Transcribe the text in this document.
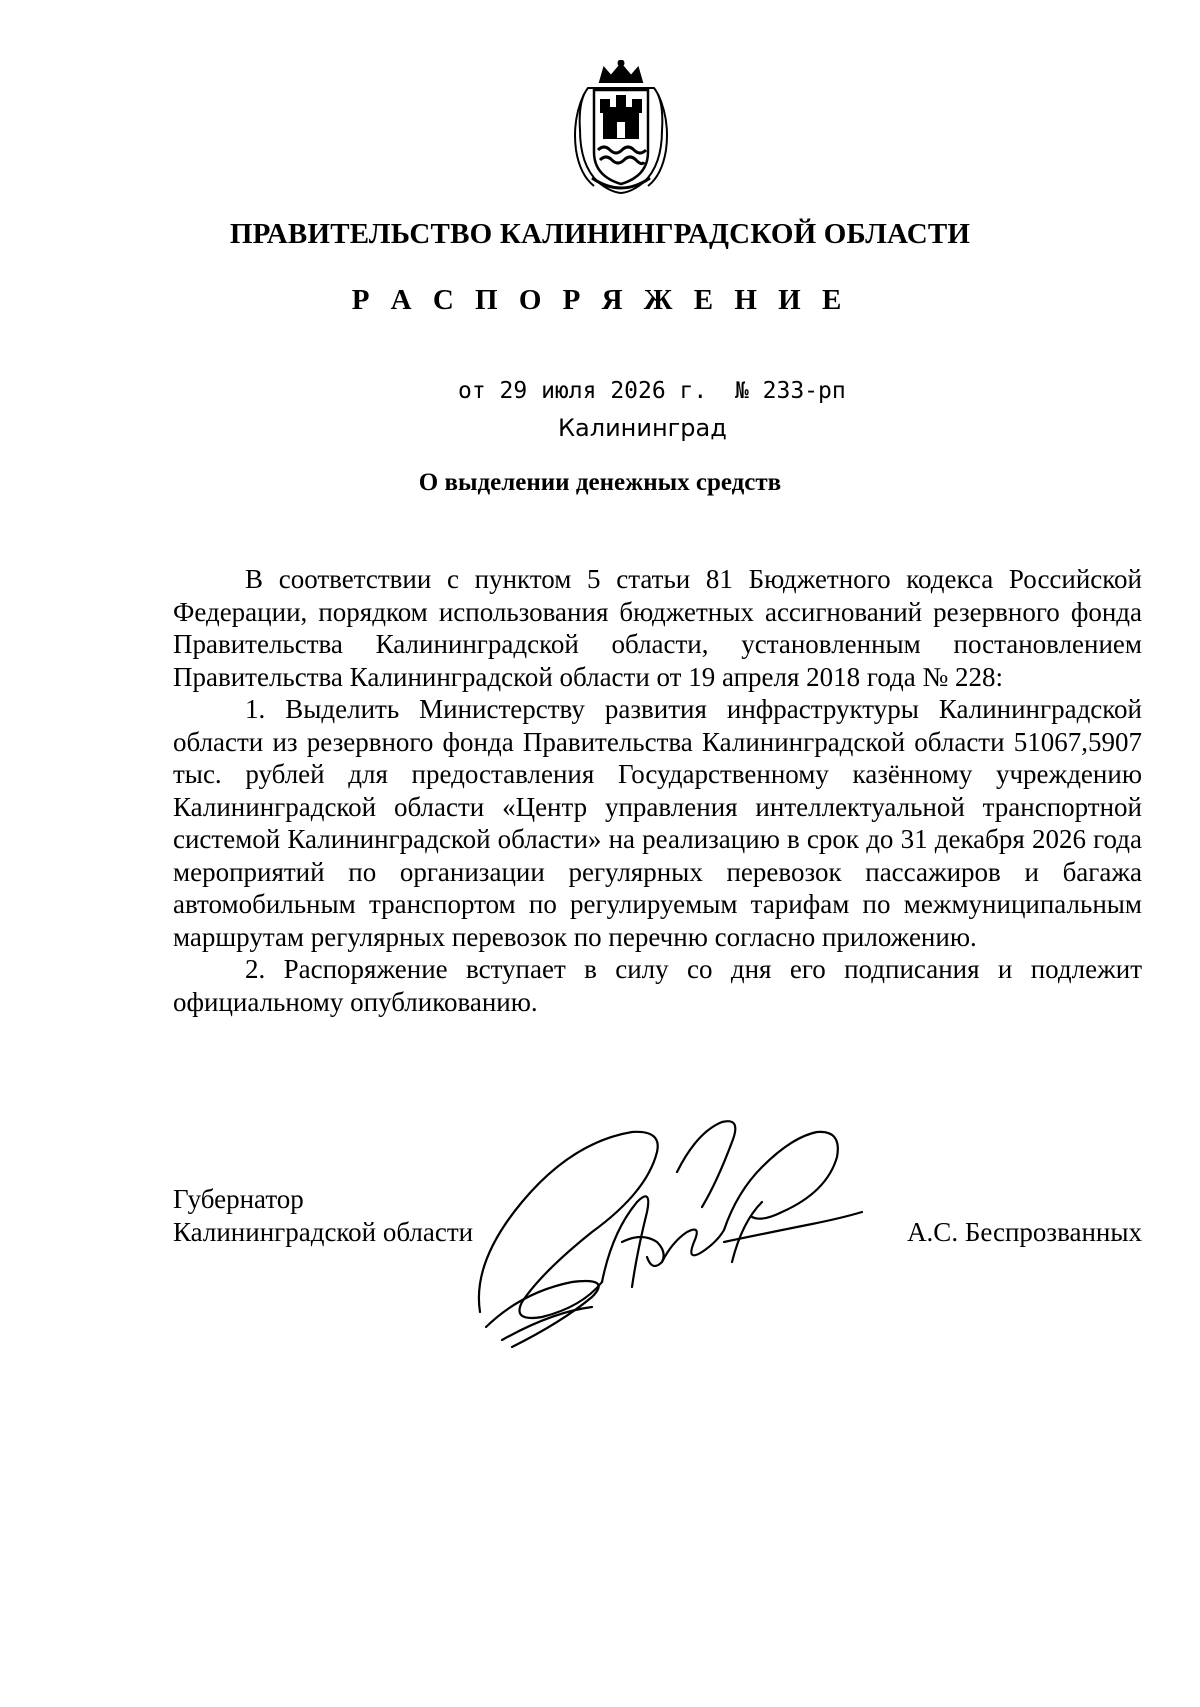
ПРАВИТЕЛЬСТВО КАЛИНИНГРАДСКОЙ ОБЛАСТИ
Р А С П О Р Я Ж Е Н И Е
от 29 июля 2026 г.  № 233-рп
Калининград
О выделении денежных средств

В соответствии с пунктом 5 статьи 81 Бюджетного кодекса Российской Федерации, порядком использования бюджетных ассигнований резервного фонда Правительства Калининградской области, установленным постановлением Правительства Калининградской области от 19 апреля 2018 года № 228:

1. Выделить Министерству развития инфраструктуры Калининградской области из резервного фонда Правительства Калининградской области 51067,5907 тыс. рублей для предоставления Государственному казённому учреждению Калининградской области «Центр управления интеллектуальной транспортной системой Калининградской области» на реализацию в срок до 31 декабря 2026 года мероприятий по организации регулярных перевозок пассажиров и багажа автомобильным транспортом по регулируемым тарифам по межмуниципальным маршрутам регулярных перевозок по перечню согласно приложению.

2. Распоряжение вступает в силу со дня его подписания и подлежит официальному опубликованию.

Губернатор
Калининградской области	А.С. Беспрозванных
